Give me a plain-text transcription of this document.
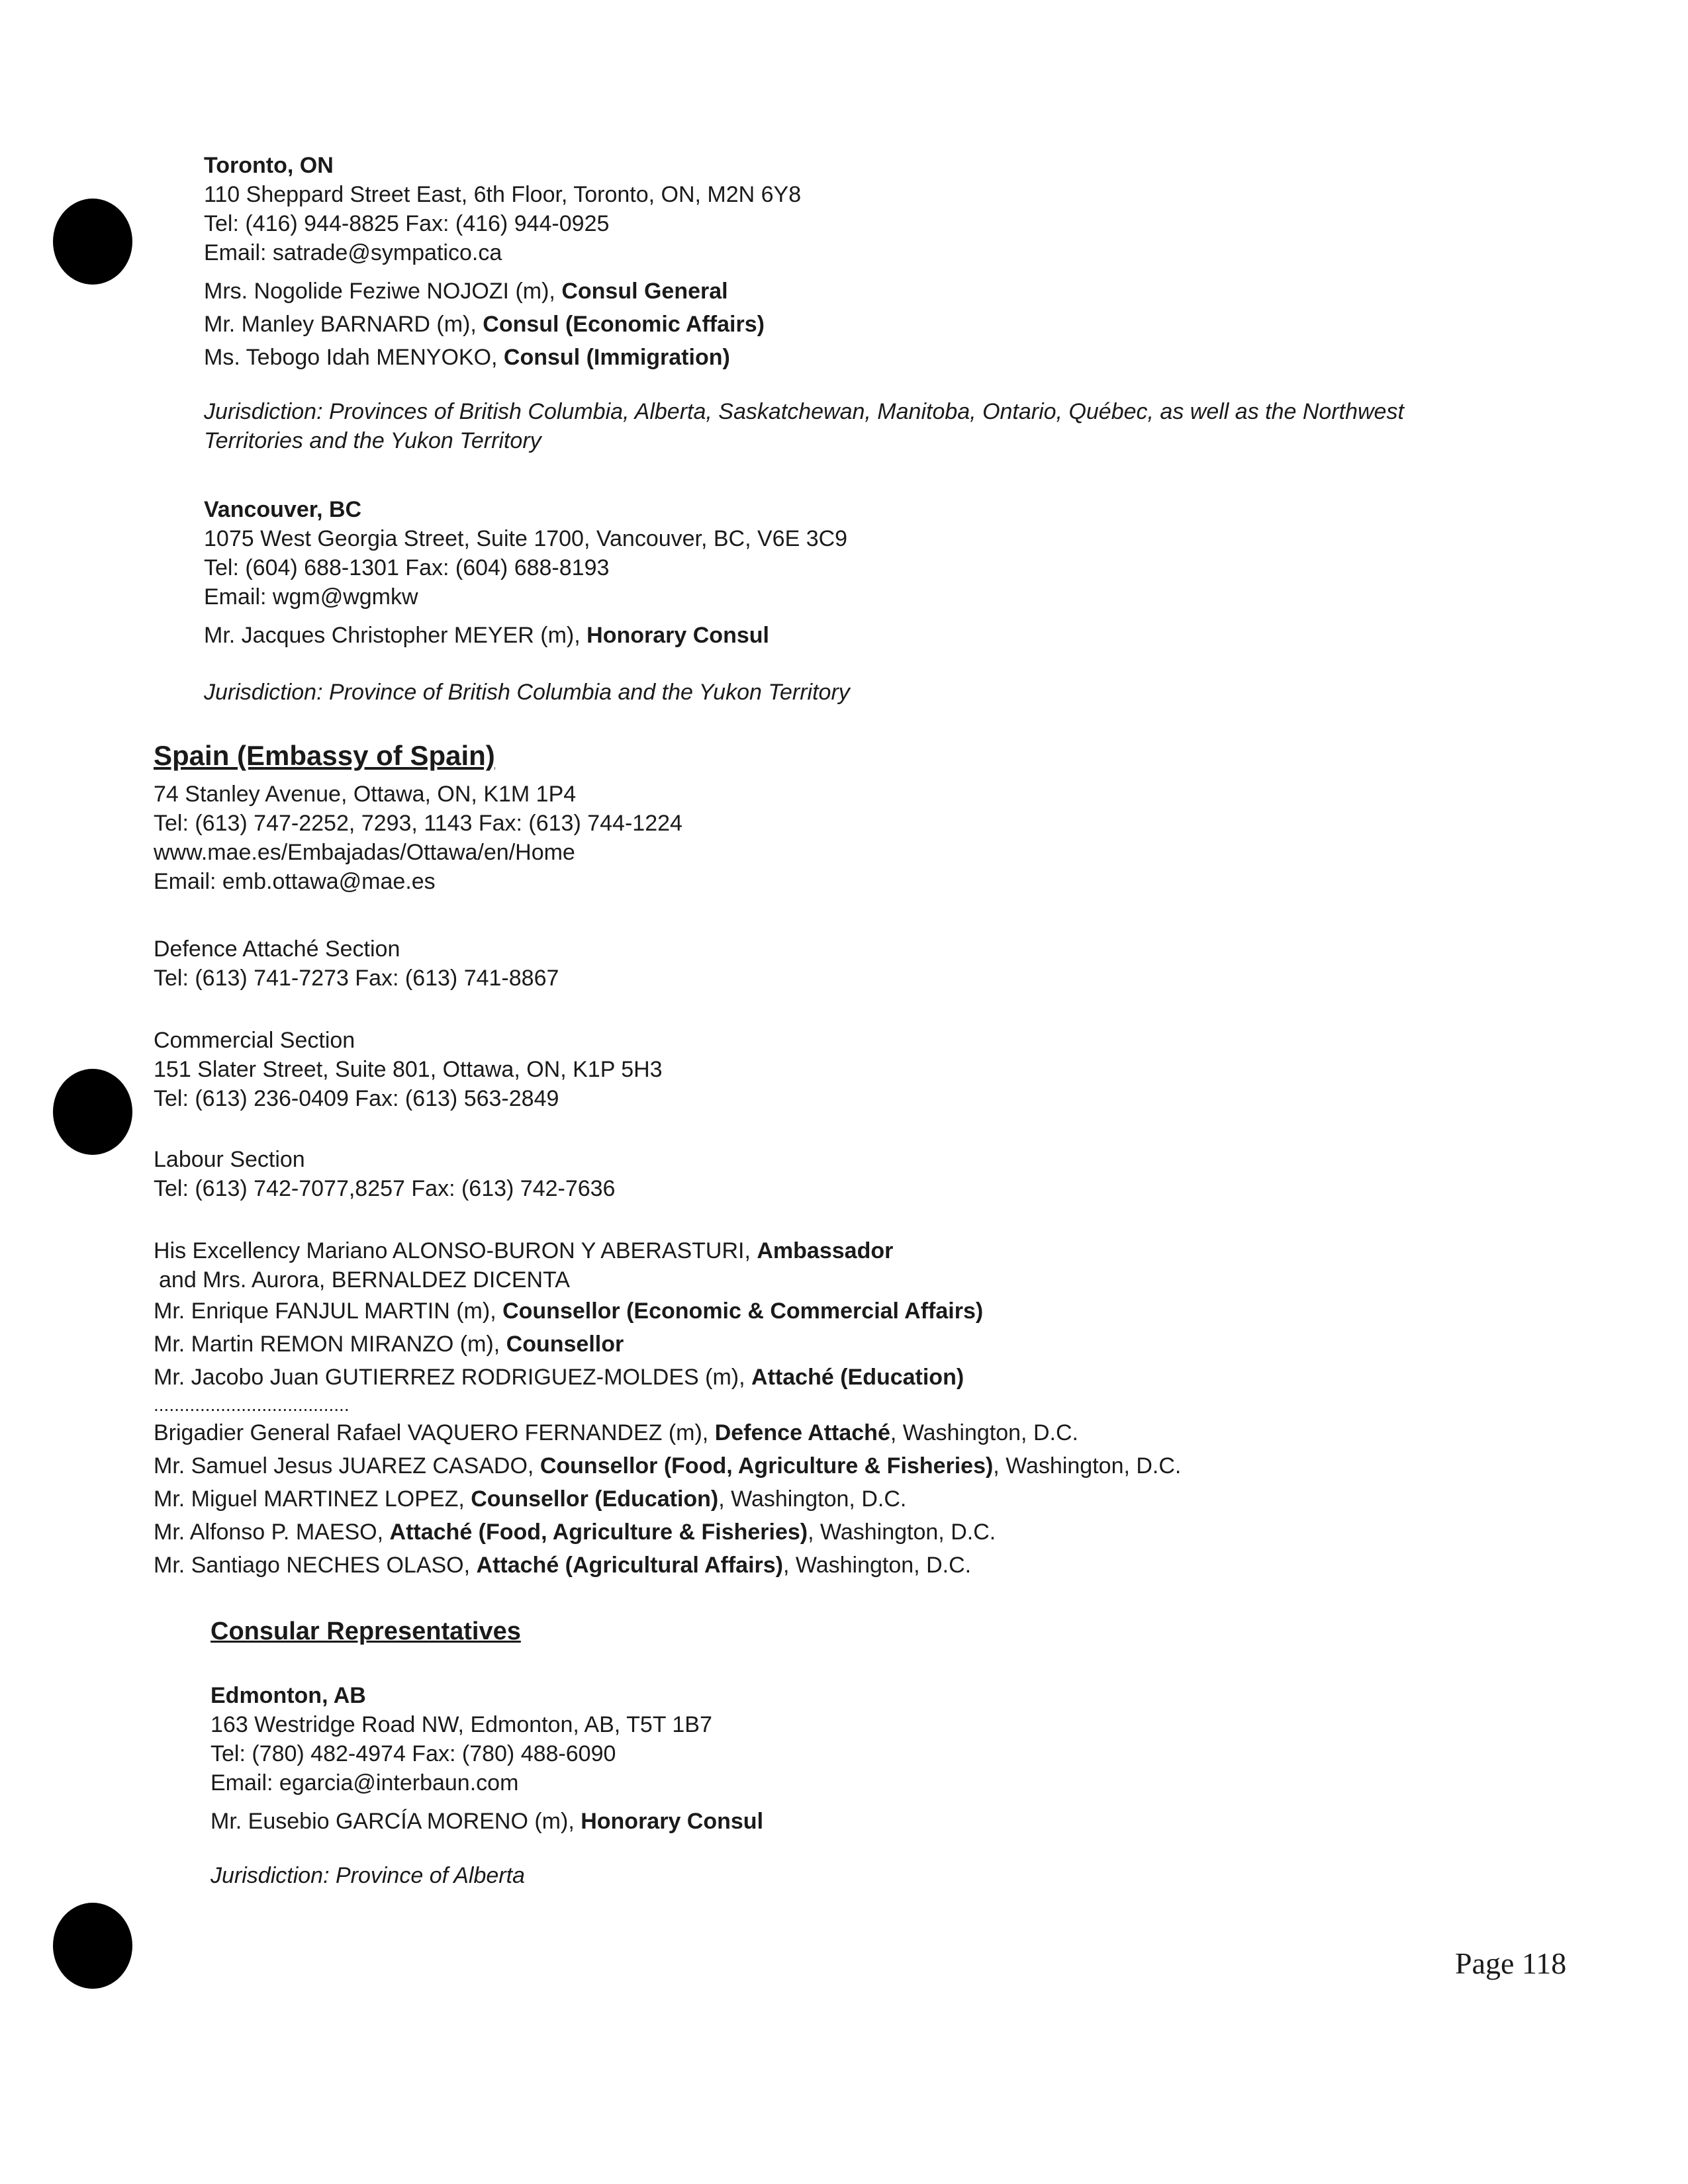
Toronto, ON
110 Sheppard Street East, 6th Floor, Toronto, ON, M2N 6Y8
Tel: (416) 944-8825 Fax: (416) 944-0925
Email: satrade@sympatico.ca
Mrs. Nogolide Feziwe NOJOZI (m), Consul General
Mr. Manley BARNARD (m), Consul (Economic Affairs)
Ms. Tebogo Idah MENYOKO, Consul (Immigration)
Jurisdiction: Provinces of British Columbia, Alberta, Saskatchewan, Manitoba, Ontario, Québec, as well as the Northwest
Territories and the Yukon Territory
Vancouver, BC
1075 West Georgia Street, Suite 1700, Vancouver, BC, V6E 3C9
Tel: (604) 688-1301 Fax: (604) 688-8193
Email: wgm@wgmkw
Mr. Jacques Christopher MEYER (m), Honorary Consul
Jurisdiction: Province of British Columbia and the Yukon Territory
Spain (Embassy of Spain)
74 Stanley Avenue, Ottawa, ON, K1M 1P4
Tel: (613) 747-2252, 7293, 1143 Fax: (613) 744-1224
www.mae.es/Embajadas/Ottawa/en/Home
Email: emb.ottawa@mae.es
Defence Attaché Section
Tel: (613) 741-7273 Fax: (613) 741-8867
Commercial Section
151 Slater Street, Suite 801, Ottawa, ON, K1P 5H3
Tel: (613) 236-0409 Fax: (613) 563-2849
Labour Section
Tel: (613) 742-7077,8257 Fax: (613) 742-7636
His Excellency Mariano ALONSO-BURON Y ABERASTURI, Ambassador
and Mrs. Aurora, BERNALDEZ DICENTA
Mr. Enrique FANJUL MARTIN (m), Counsellor (Economic & Commercial Affairs)
Mr. Martin REMON MIRANZO (m), Counsellor
Mr. Jacobo Juan GUTIERREZ RODRIGUEZ-MOLDES (m), Attaché (Education)
......................................
Brigadier General Rafael VAQUERO FERNANDEZ (m), Defence Attaché, Washington, D.C.
Mr. Samuel Jesus JUAREZ CASADO, Counsellor (Food, Agriculture & Fisheries), Washington, D.C.
Mr. Miguel MARTINEZ LOPEZ, Counsellor (Education), Washington, D.C.
Mr. Alfonso P. MAESO, Attaché (Food, Agriculture & Fisheries), Washington, D.C.
Mr. Santiago NECHES OLASO, Attaché (Agricultural Affairs), Washington, D.C.
Consular Representatives
Edmonton, AB
163 Westridge Road NW, Edmonton, AB, T5T 1B7
Tel: (780) 482-4974 Fax: (780) 488-6090
Email: egarcia@interbaun.com
Mr. Eusebio GARCÍA MORENO (m), Honorary Consul
Jurisdiction: Province of Alberta
Page 118
